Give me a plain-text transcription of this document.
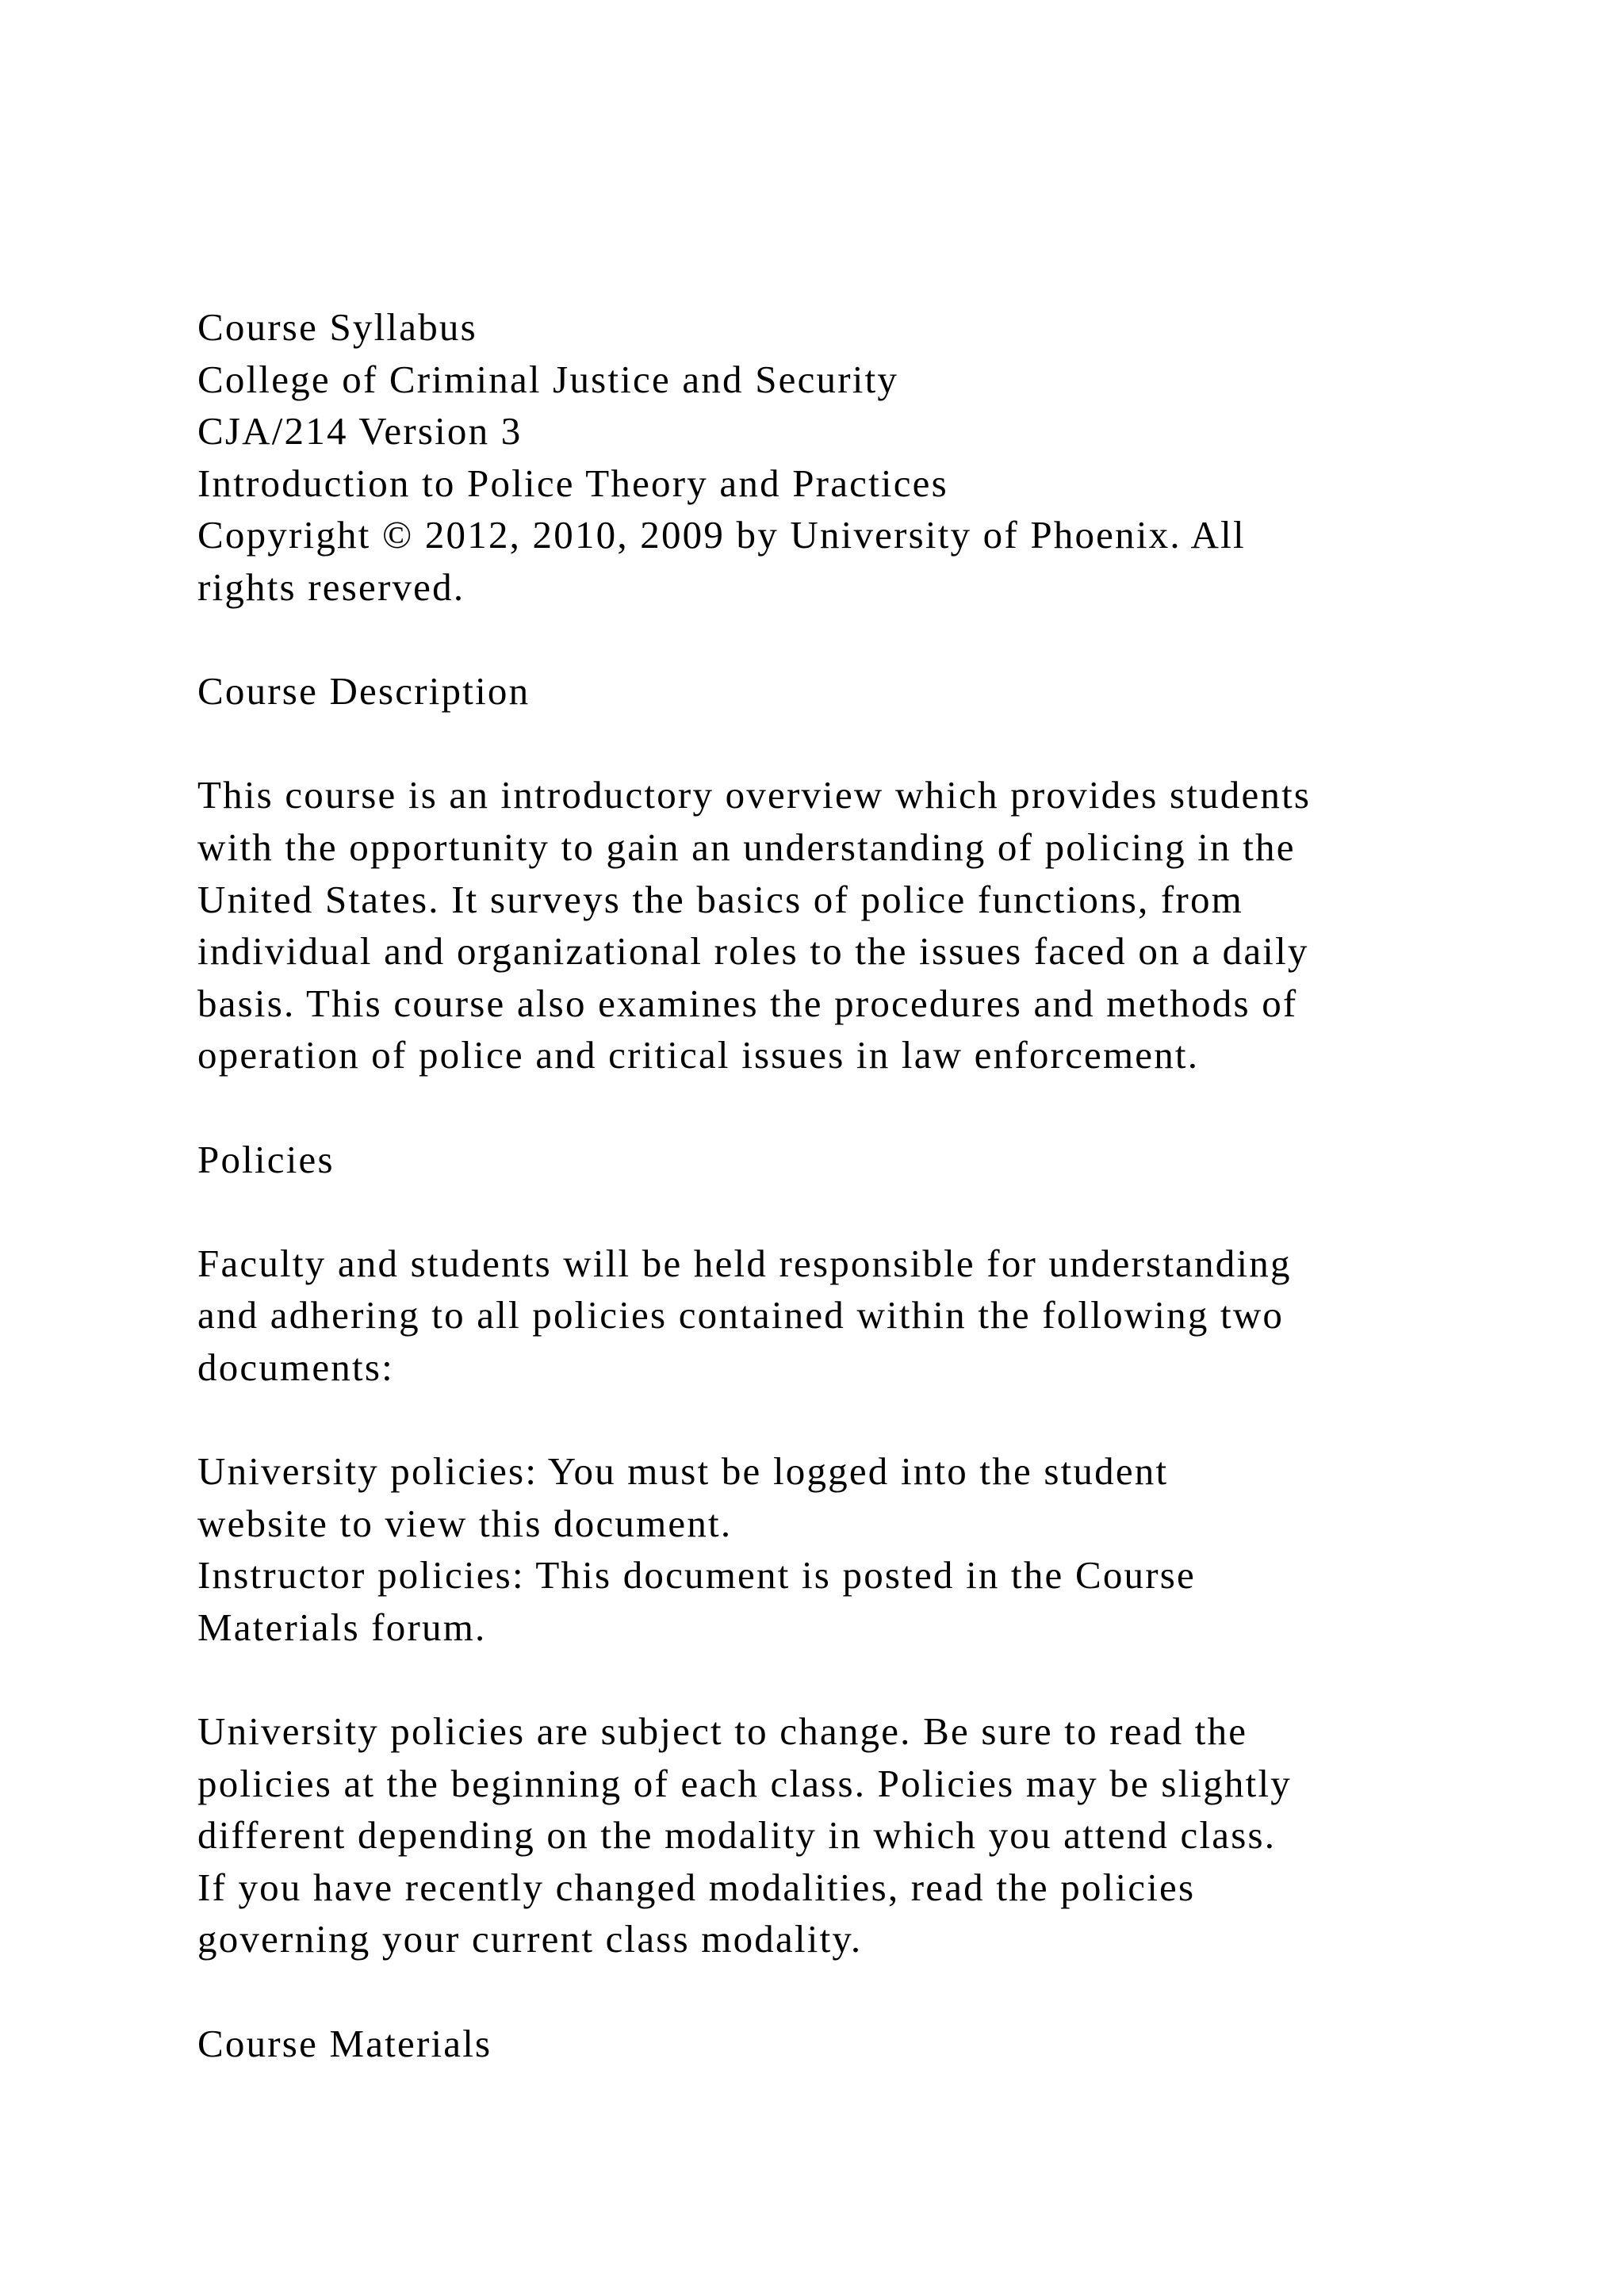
Course Syllabus
College of Criminal Justice and Security
CJA/214 Version 3
Introduction to Police Theory and Practices
Copyright © 2012, 2010, 2009 by University of Phoenix. All
rights reserved.
Course Description
This course is an introductory overview which provides students
with the opportunity to gain an understanding of policing in the
United States. It surveys the basics of police functions, from
individual and organizational roles to the issues faced on a daily
basis. This course also examines the procedures and methods of
operation of police and critical issues in law enforcement.
Policies
Faculty and students will be held responsible for understanding
and adhering to all policies contained within the following two
documents:
University policies: You must be logged into the student
website to view this document.
Instructor policies: This document is posted in the Course
Materials forum.
University policies are subject to change. Be sure to read the
policies at the beginning of each class. Policies may be slightly
different depending on the modality in which you attend class.
If you have recently changed modalities, read the policies
governing your current class modality.
Course Materials
